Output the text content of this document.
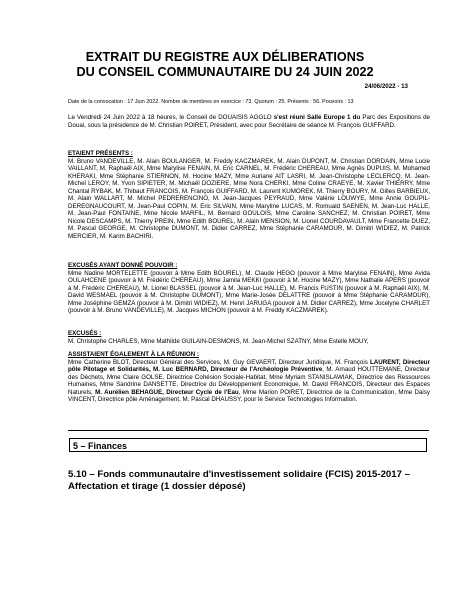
EXTRAIT DU REGISTRE AUX DÉLIBERATIONS
DU CONSEIL COMMUNAUTAIRE DU 24 JUIN 2022
24/06/2022 - 13
Date de la convocation : 17 Juin 2022. Nombre de membres en exercice : 73. Quorum : 25. Présents : 56. Pouvoirs : 13
Le Vendredi 24 Juin 2022 à 18 heures, le Conseil de DOUAISIS AGGLO s'est réuni Salle Europe 1 du Parc des Expositions de Douai, sous la présidence de M. Christian POIRET, Président, avec pour Secrétaire de séance M. François GUIFFARD.
ETAIENT PRÉSENTS :
M. Bruno VANDEVILLE, M. Alain BOULANGER, M. Freddy KACZMAREK, M. Alain DUPONT, M. Christian DORDAIN, Mme Lucie VAILLANT, M. Raphaël AIX, Mme Marylise FENAIN, M. Eric CARNEL, M. Frédéric CHEREAU, Mme Agnès DUPUIS, M. Mohamed KHERAKI, Mme Stéphanie STIERNON, M. Hocine MAZY, Mme Auriane AIT LASRI, M. Jean-Christophe LECLERCQ, M. Jean-Michel LEROY, M. Yvon SIPIETER, M. Michaël DOZIERE, Mme Nora CHERKI, Mme Coline CRAEYE, M. Xavier THIERRY, Mme Chantal RYBAK, M. Thibaut FRANCOIS, M. François GUIFFARD, M. Laurent KUMOREK, M. Thierry BOURY, M. Gilles BARBIEUX, M. Alain WALLART, M. Michel PEDRERENCINO, M. Jean-Jacques PEYRAUD, Mme Valérie LOUWYE, Mme Annie GOUPIL-DEREGNAUCOURT, M. Jean-Paul COPIN, M. Eric SILVAIN, Mme Maryline LUCAS, M. Romuald SAENEN, M. Jean-Luc HALLE, M. Jean-Paul FONTAINE, Mme Nicole MARFIL, M. Bernard GOULOIS, Mme Caroline SANCHEZ, M. Christian POIRET, Mme Nicole DESCAMPS, M. Thierry PREIN, Mme Edith BOUREL, M. Alain MENSION, M. Lionel COURDAVAULT, Mme Francette DUEZ, M. Pascal GEORGE, M. Christophe DUMONT, M. Didier CARREZ, Mme Stéphanie CARAMOUR, M. Dimitri WIDIEZ, M. Patrick MERCIER, M. Karim BACHIRI.
EXCUSÉS AYANT DONNÉ POUVOIR :
Mme Nadine MORTELETTE (pouvoir à Mme Edith BOUREL), M. Claude HEGO (pouvoir à Mme Marylise FENAIN), Mme Avida OULAHCENE (pouvoir à M. Frédéric CHEREAU), Mme Jamila MEKKI (pouvoir à M. Hocine MAZY), Mme Nathalie APERS (pouvoir à M. Frédéric CHEREAU), M. Lionel BLASSEL (pouvoir à M. Jean-Luc HALLE), M. Francis FUSTIN (pouvoir à M. Raphaël AIX), M. David WESMAEL (pouvoir à M. Christophe DUMONT), Mme Marie-Josée DELATTRE (pouvoir à Mme Stéphanie CARAMOUR), Mme Joséphine GEMZA (pouvoir à M. Dimitri WIDIEZ), M. Henri JARUGA (pouvoir à M. Didier CARREZ), Mme Jocelyne CHARLET (pouvoir à M. Bruno VANDEVILLE), M. Jacques MICHON (pouvoir à M. Freddy KACZMAREK).
EXCUSÉS :
M. Christophe CHARLES, Mme Mathilde GUILAIN-DESMONS, M. Jean-Michel SZATNY, Mme Estelle MOUY,
ASSISTAIENT ÉGALEMENT À LA RÉUNION :
Mme Catherine BLOT, Directeur Général des Services, M. Guy GEVAERT, Directeur Juridique, M. François LAURENT, Directeur pôle Pilotage et Solidarités, M. Luc BERNARD, Directeur de l'Archéologie Préventive, M. Arnaud HOUTTEMANE, Directeur des Déchets, Mme Claire GOLSE, Directrice Cohésion Sociale-Habitat, Mme Myriam STANISLAWIAK, Directrice des Ressources Humaines, Mme Sandrine DANSETTE, Directrice du Développement Economique, M. David FRANCOIS, Directeur des Espaces Naturels, M. Aurélien BEHAGUE, Directeur Cycle de l'Eau, Mme Marion POIRET, Directrice de la Communication, Mme Daisy VINCENT, Directrice pôle Aménagement, M. Pascal DHAUSSY, pour le Service Technologies Information.
5 – Finances
5.10 – Fonds communautaire d'investissement solidaire (FCIS) 2015-2017 – Affectation et tirage (1 dossier déposé)
